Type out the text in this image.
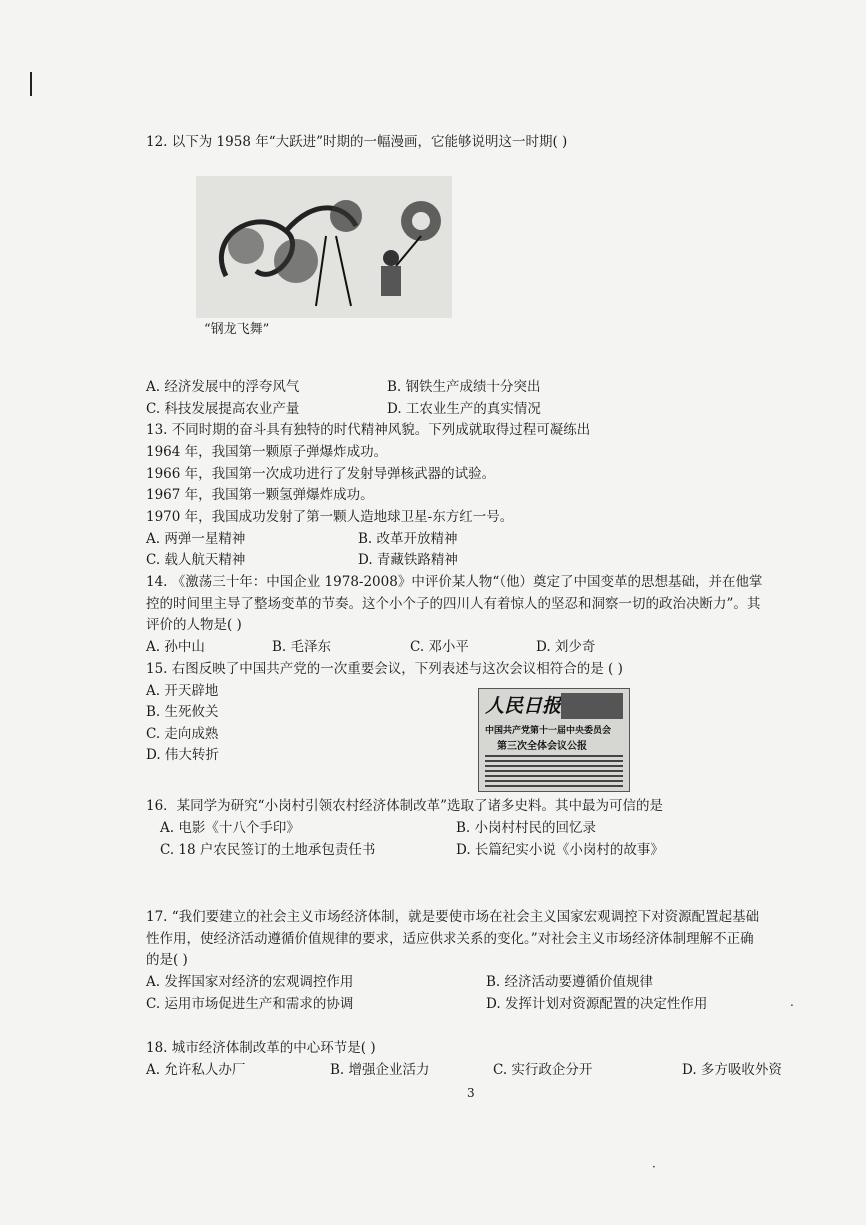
12. 以下为 1958 年“大跃进”时期的一幅漫画，它能够说明这一时期( )
“钢龙飞舞”
A. 经济发展中的浮夸风气	B. 钢铁生产成绩十分突出
C. 科技发展提高农业产量	D. 工农业生产的真实情况
13. 不同时期的奋斗具有独特的时代精神风貌。下列成就取得过程可凝练出
1964 年，我国第一颗原子弹爆炸成功。
1966 年，我国第一次成功进行了发射导弹核武器的试验。
1967 年，我国第一颗氢弹爆炸成功。
1970 年，我国成功发射了第一颗人造地球卫星-东方红一号。
A. 两弹一星精神	B. 改革开放精神
C. 载人航天精神	D. 青藏铁路精神
14. 《激荡三十年：中国企业 1978-2008》中评价某人物“（他）奠定了中国变革的思想基础，并在他掌
控的时间里主导了整场变革的节奏。这个小个子的四川人有着惊人的坚忍和洞察一切的政治决断力”。其
评价的人物是( )
A. 孙中山	B. 毛泽东	C. 邓小平	D. 刘少奇
15. 右图反映了中国共产党的一次重要会议，下列表述与这次会议相符合的是 ( )
A. 开天辟地
B. 生死攸关
C. 走向成熟
D. 伟大转折
人民日报
中国共产党第十一届中央委员会
第三次全体会议公报
16．某同学为研究“小岗村引领农村经济体制改革”选取了诸多史料。其中最为可信的是
A. 电影《十八个手印》	B. 小岗村村民的回忆录
C. 18 户农民签订的土地承包责任书	D. 长篇纪实小说《小岗村的故事》
17. “我们要建立的社会主义市场经济体制，就是要使市场在社会主义国家宏观调控下对资源配置起基础
性作用，使经济活动遵循价值规律的要求，适应供求关系的变化。”对社会主义市场经济体制理解不正确
的是( )
A. 发挥国家对经济的宏观调控作用	B. 经济活动要遵循价值规律
C. 运用市场促进生产和需求的协调	D. 发挥计划对资源配置的决定性作用	.
18. 城市经济体制改革的中心环节是( )
A. 允许私人办厂	B. 增强企业活力	C. 实行政企分开	D. 多方吸收外资
3
·
